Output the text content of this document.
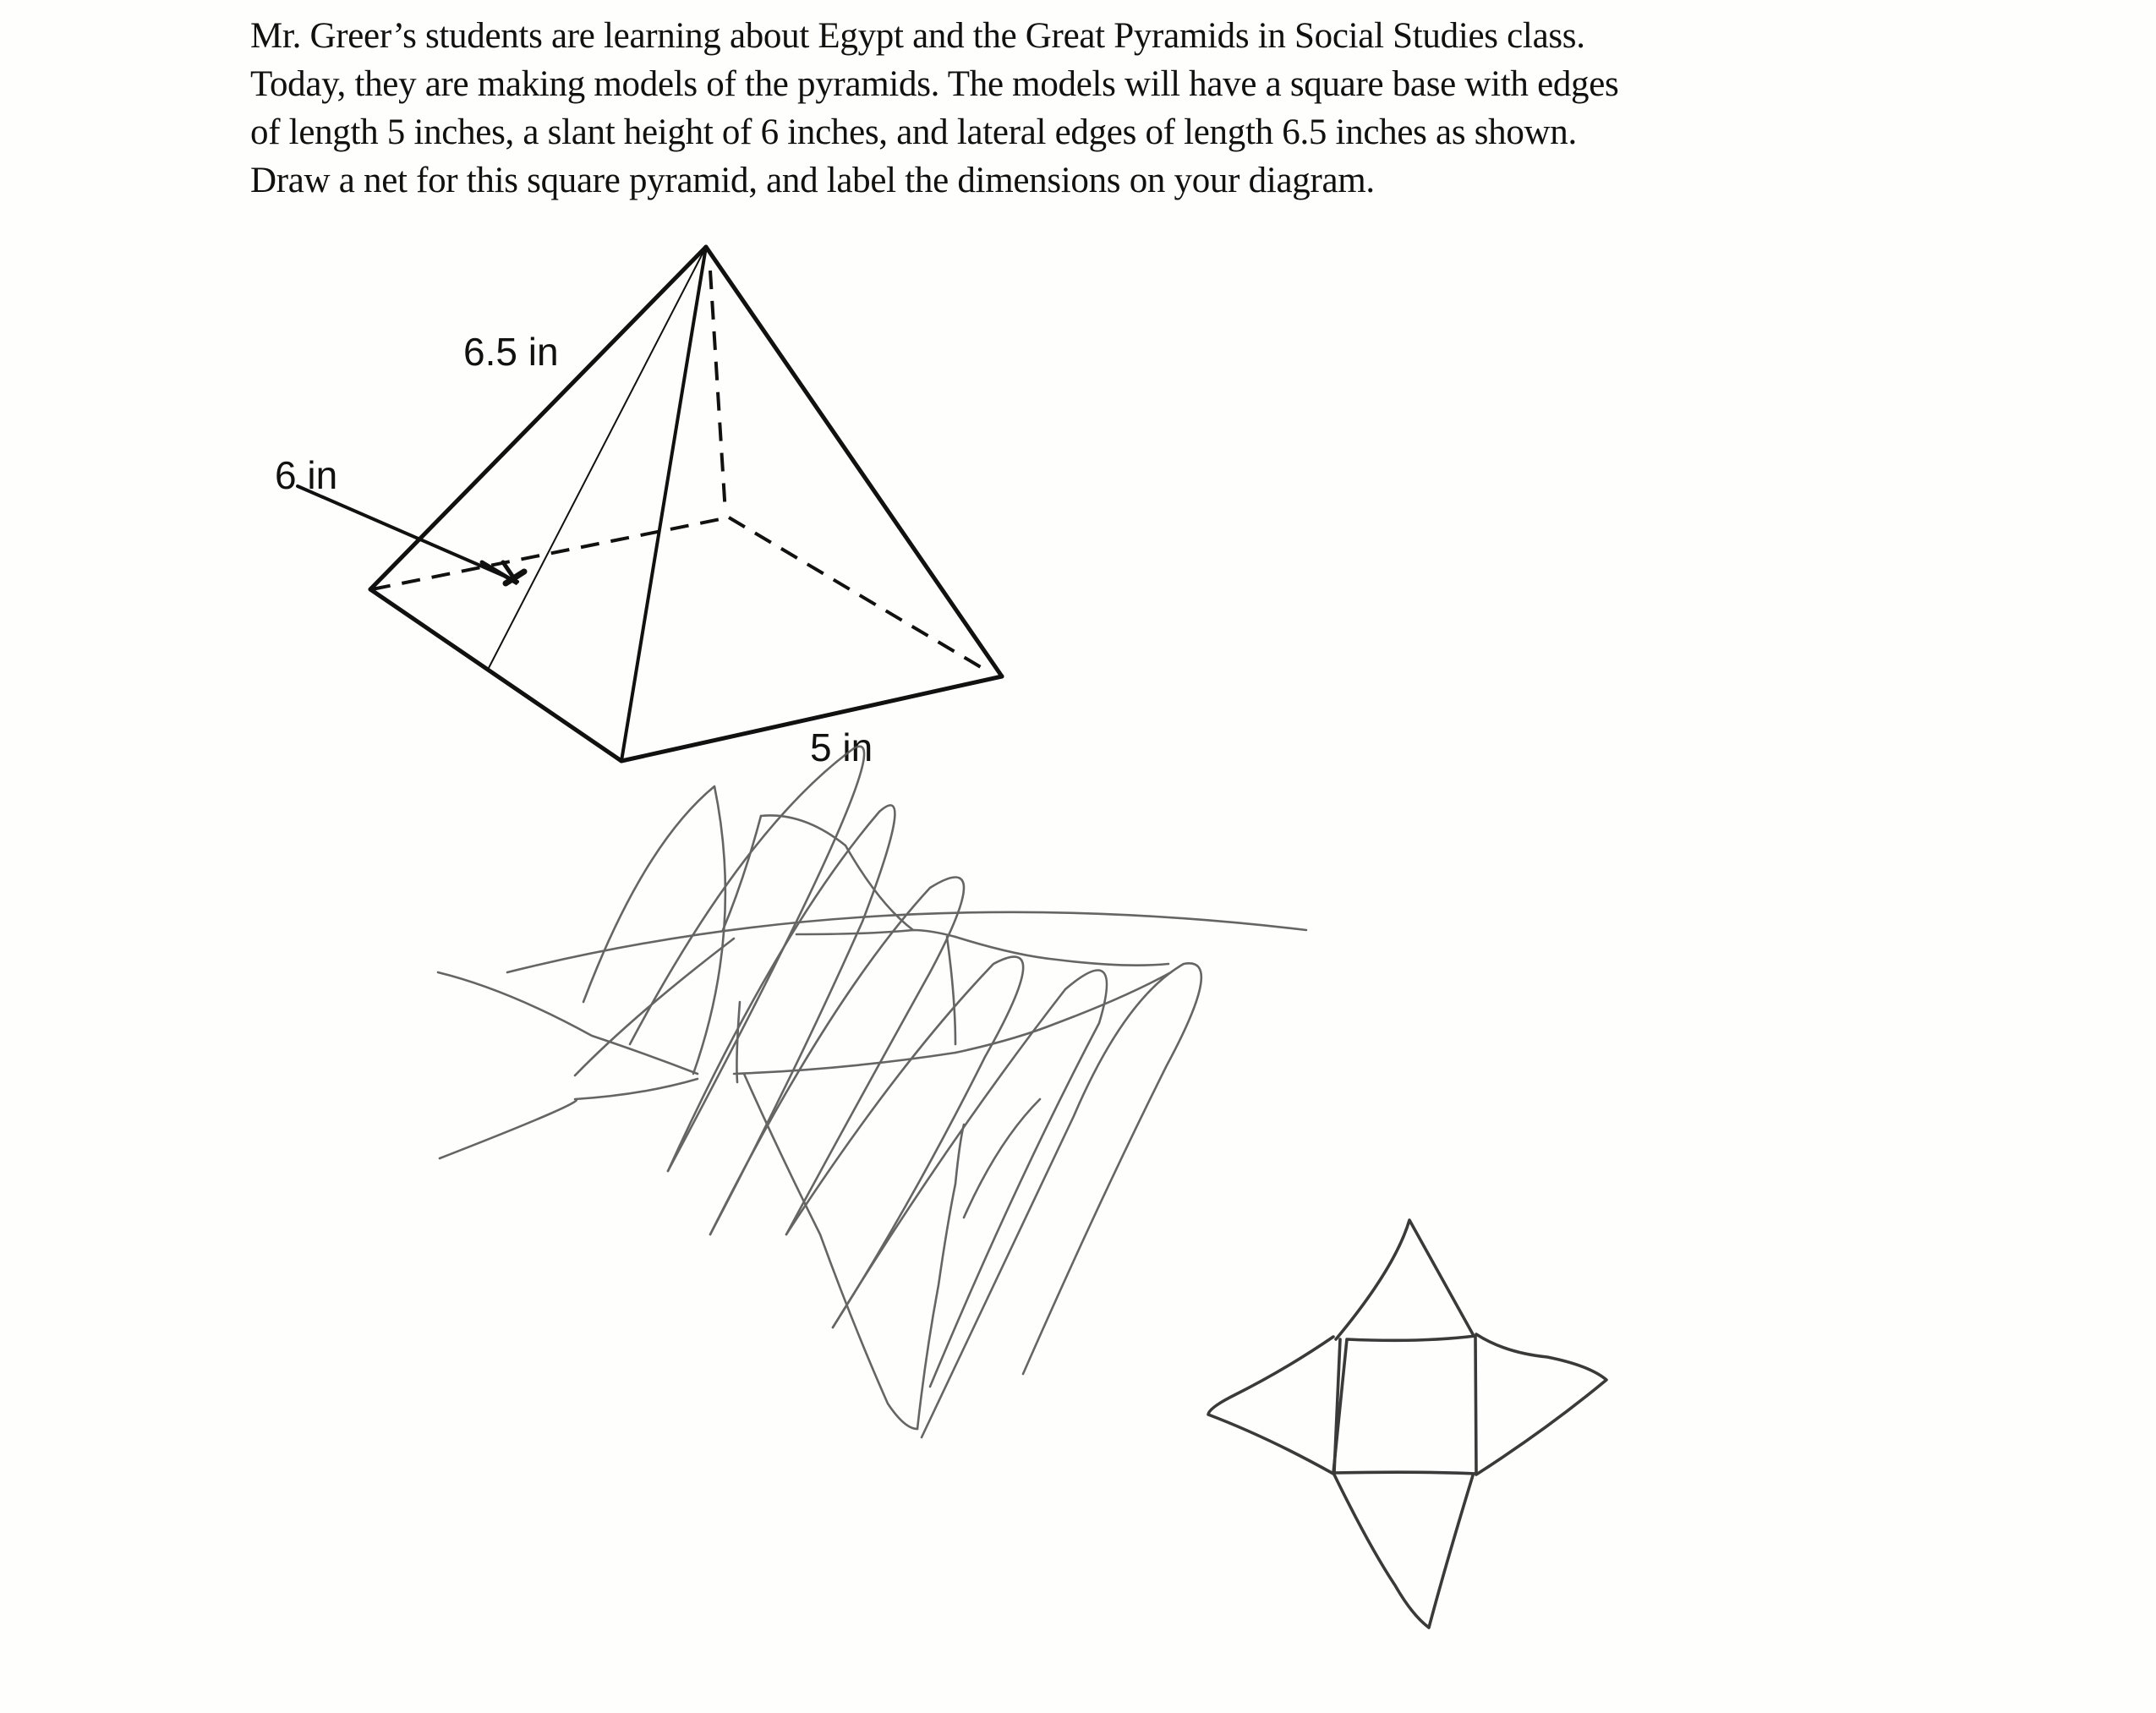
Mr. Greer’s students are learning about Egypt and the Great Pyramids in Social Studies class.
Today, they are making models of the pyramids. The models will have a square base with edges
of length 5 inches, a slant height of 6 inches, and lateral edges of length 6.5 inches as shown.
Draw a net for this square pyramid, and label the dimensions on your diagram.
6.5 in
6 in
5 in
